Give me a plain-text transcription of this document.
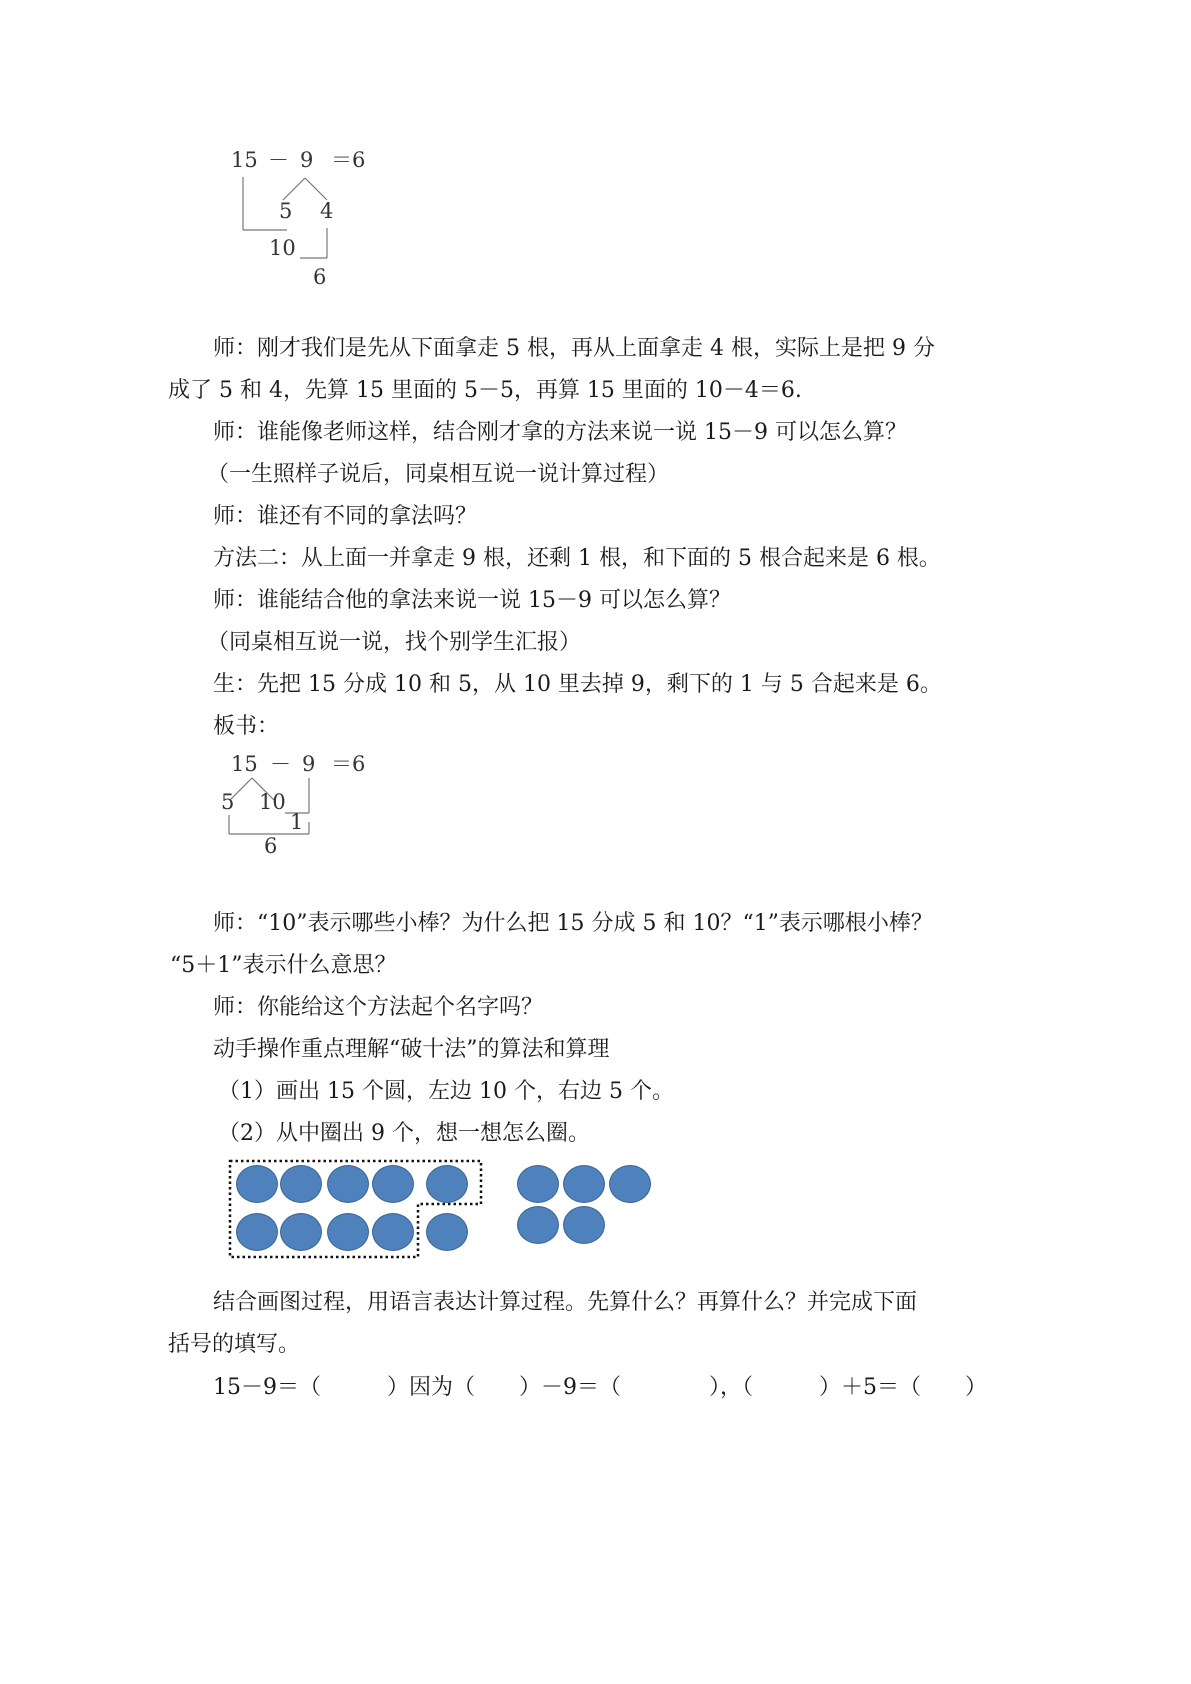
15 － 9 ＝6
5 4
10
6
师：刚才我们是先从下面拿走 5 根，再从上面拿走 4 根，实际上是把 9 分
成了 5 和 4，先算 15 里面的 5－5，再算 15 里面的 10－4＝6.
师：谁能像老师这样，结合刚才拿的方法来说一说 15－9 可以怎么算？
（一生照样子说后，同桌相互说一说计算过程）
师：谁还有不同的拿法吗？
方法二：从上面一并拿走 9 根，还剩 1 根，和下面的 5 根合起来是 6 根。
师：谁能结合他的拿法来说一说 15－9 可以怎么算？
（同桌相互说一说，找个别学生汇报）
生：先把 15 分成 10 和 5，从 10 里去掉 9，剩下的 1 与 5 合起来是 6。
板书：
15 － 9 ＝6
5 10
1
6
师：“10”表示哪些小棒？为什么把 15 分成 5 和 10？“1”表示哪根小棒？
“5＋1”表示什么意思？
师：你能给这个方法起个名字吗？
动手操作重点理解“破十法”的算法和算理
（1）画出 15 个圆，左边 10 个，右边 5 个。
（2）从中圈出 9 个，想一想怎么圈。
结合画图过程，用语言表达计算过程。先算什么？再算什么？并完成下面
括号的填写。
15－9＝（　　　）因为（　　）－9＝（　　　　），（　　　）＋5＝（　　）
